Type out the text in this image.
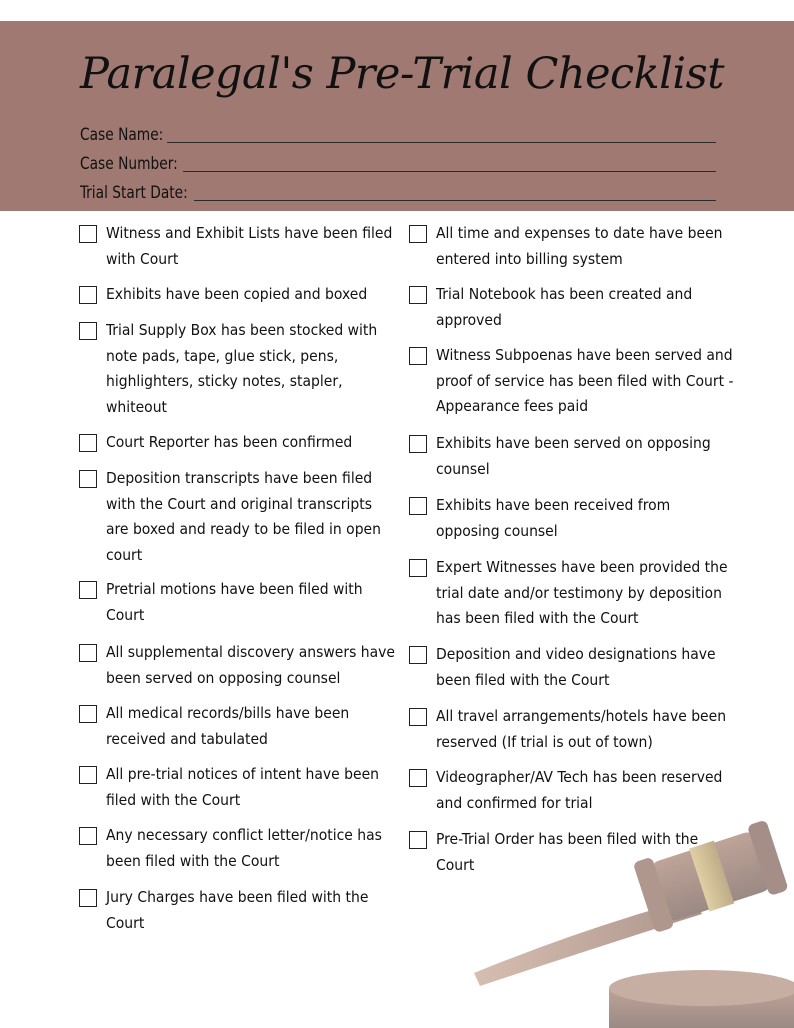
Paralegal's Pre-Trial Checklist
Case Name:
Case Number:
Trial Start Date:
Witness and Exhibit Lists have been filed with Court
Exhibits have been copied and boxed
Trial Supply Box has been stocked with note pads, tape, glue stick, pens, highlighters, sticky notes, stapler, whiteout
Court Reporter has been confirmed
Deposition transcripts have been filed with the Court and original transcripts are boxed and ready to be filed in open court
Pretrial motions have been filed with Court
All supplemental discovery answers have been served on opposing counsel
All medical records/bills have been received and tabulated
All pre-trial notices of intent have been filed with the Court
Any necessary conflict letter/notice has been filed with the Court
Jury Charges have been filed with the Court
All time and expenses to date have been entered into billing system
Trial Notebook has been created and approved
Witness Subpoenas have been served and proof of service has been filed with Court - Appearance fees paid
Exhibits have been served on opposing counsel
Exhibits have been received from opposing counsel
Expert Witnesses have been provided the trial date and/or testimony by deposition has been filed with the Court
Deposition and video designations have been filed with the Court
All travel arrangements/hotels have been reserved (If trial is out of town)
Videographer/AV Tech has been reserved and confirmed for trial
Pre-Trial Order has been filed with the Court
